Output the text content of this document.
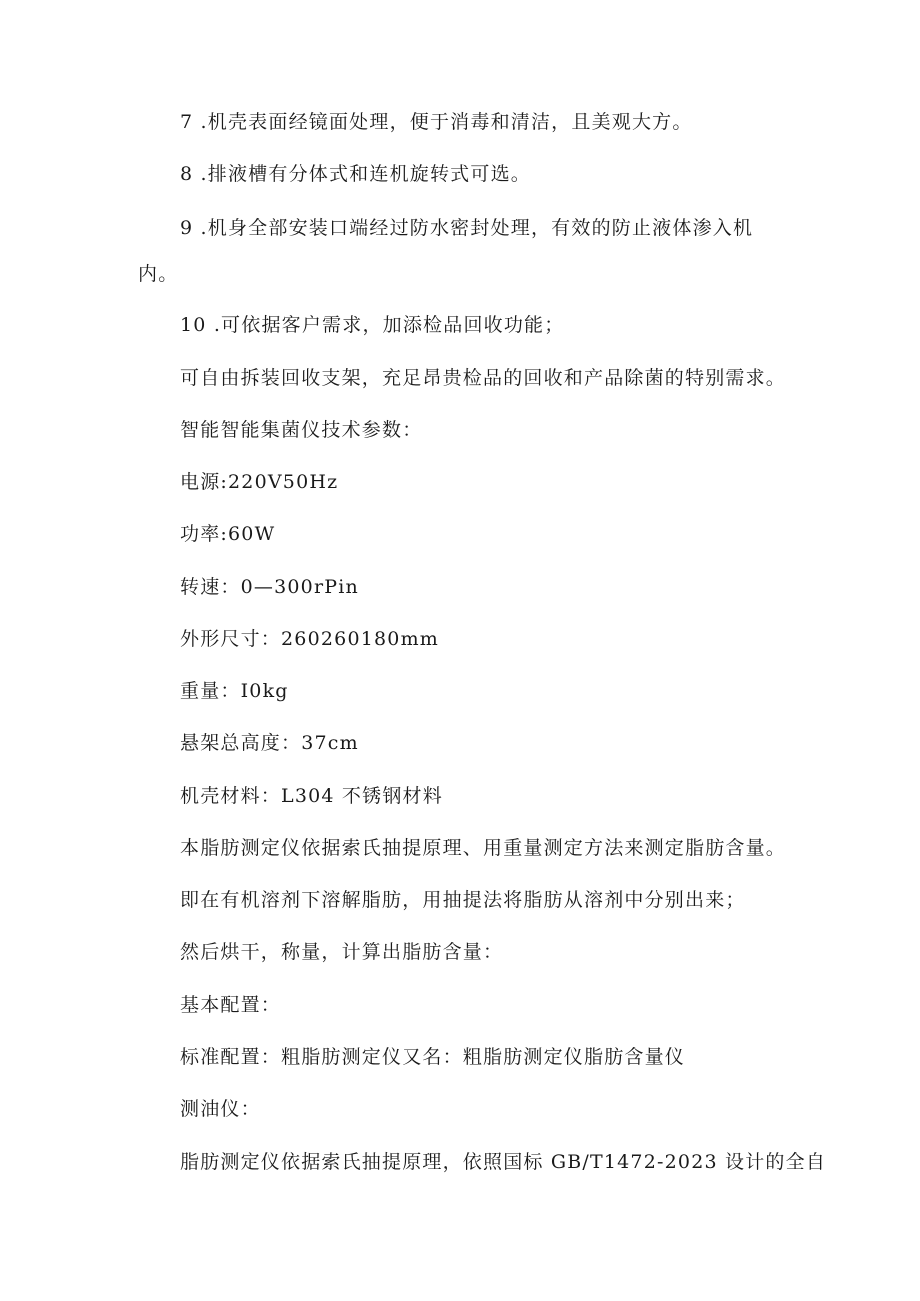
7 .机壳表面经镜面处理，便于消毒和清洁，且美观大方。
8 .排液槽有分体式和连机旋转式可选。
9 .机身全部安装口端经过防水密封处理，有效的防止液体渗入机
内。
10 .可依据客户需求，加添检品回收功能；
可自由拆装回收支架，充足昂贵检品的回收和产品除菌的特别需求。
智能智能集菌仪技术参数：
电源:220V50Hz
功率:60W
转速：0—300rPin
外形尺寸：260260180mm
重量：I0kg
悬架总高度：37cm
机壳材料：L304 不锈钢材料
本脂肪测定仪依据索氏抽提原理、用重量测定方法来测定脂肪含量。
即在有机溶剂下溶解脂肪，用抽提法将脂肪从溶剂中分别出来；
然后烘干，称量，计算出脂肪含量：
基本配置：
标准配置：粗脂肪测定仪又名：粗脂肪测定仪脂肪含量仪
测油仪：
脂肪测定仪依据索氏抽提原理，依照国标 GB/T1472-2023 设计的全自
